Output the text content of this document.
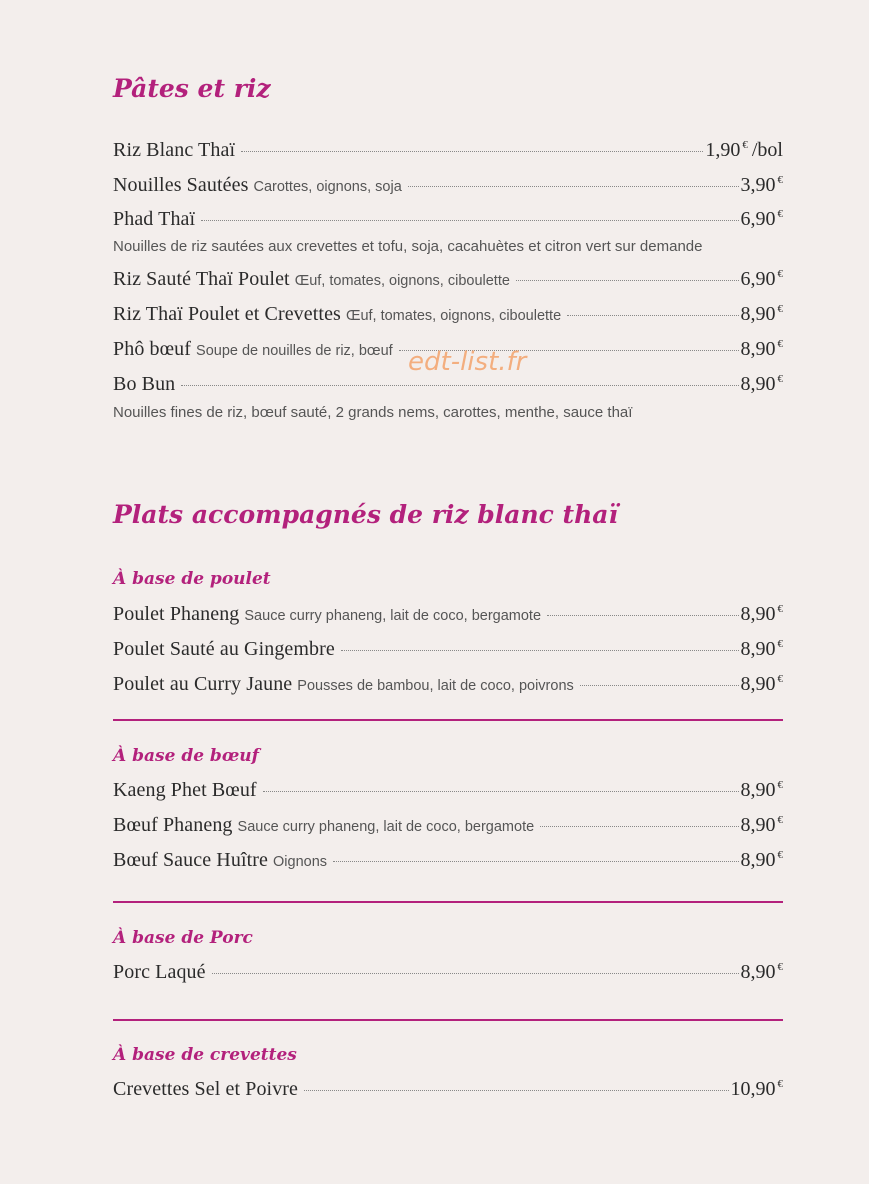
Pâtes et riz
Riz Blanc Thaï	1,90 € /bol
Nouilles Sautées Carottes, oignons, soja	3,90 €
Phad Thaï	6,90 €
Nouilles de riz sautées aux crevettes et tofu, soja, cacahuètes et citron vert sur demande
Riz Sauté Thaï Poulet Œuf, tomates, oignons, ciboulette	6,90 €
Riz Thaï Poulet et Crevettes Œuf, tomates, oignons, ciboulette	8,90 €
Phô bœuf Soupe de nouilles de riz, bœuf	8,90 €
Bo Bun	8,90 €
Nouilles fines de riz, bœuf sauté, 2 grands nems, carottes, menthe, sauce thaï
Plats accompagnés de riz blanc thaï
À base de poulet
Poulet Phaneng Sauce curry phaneng, lait de coco, bergamote	8,90 €
Poulet Sauté au Gingembre	8,90 €
Poulet au Curry Jaune Pousses de bambou, lait de coco, poivrons	8,90 €
À base de bœuf
Kaeng Phet Bœuf	8,90 €
Bœuf Phaneng Sauce curry phaneng, lait de coco, bergamote	8,90 €
Bœuf Sauce Huître Oignons	8,90 €
À base de Porc
Porc Laqué	8,90 €
À base de crevettes
Crevettes Sel et Poivre	10,90 €
edt-list.fr
